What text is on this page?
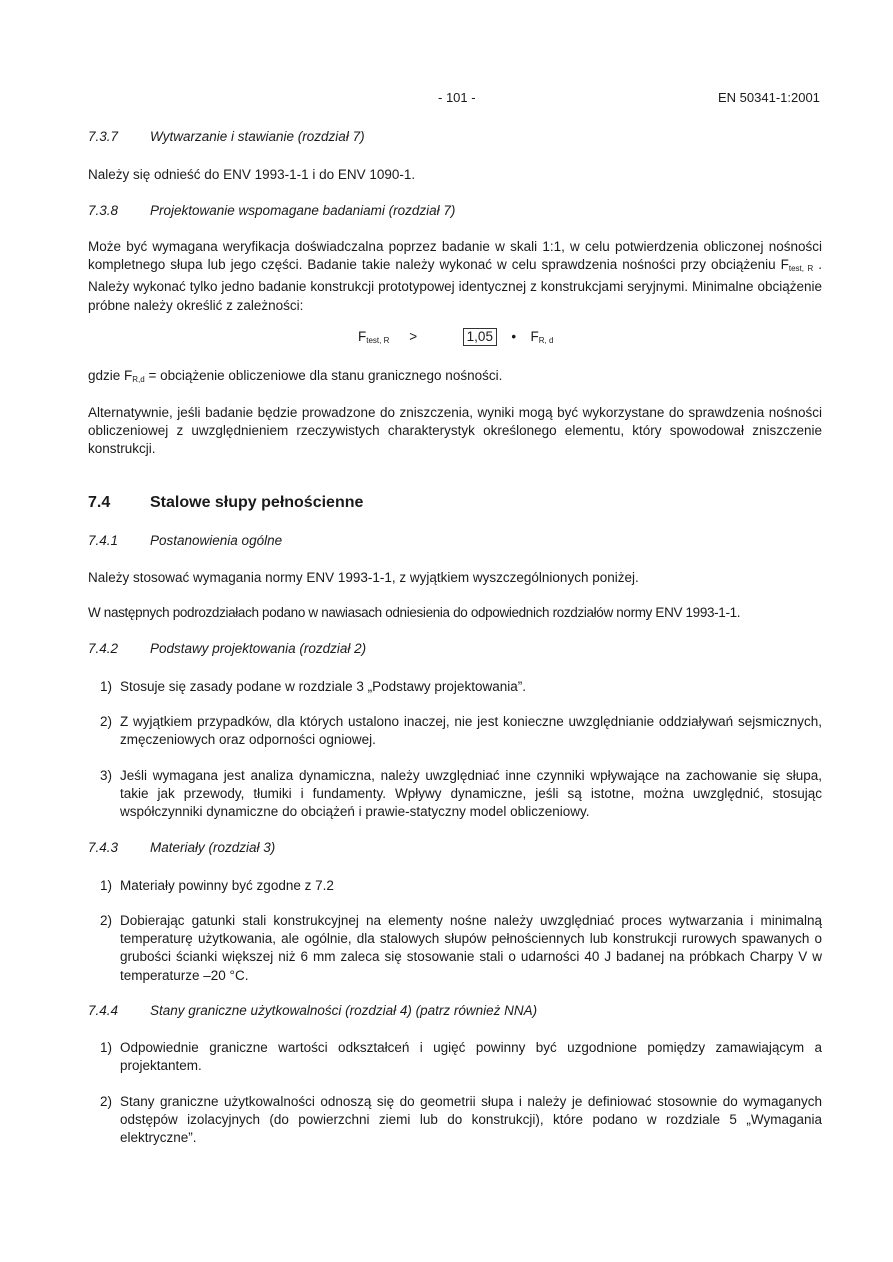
- 101 -	EN 50341-1:2001
7.3.7 Wytwarzanie i stawianie (rozdział 7)

Należy się odnieść do ENV 1993-1-1 i do ENV 1090-1.

7.3.8 Projektowanie wspomagane badaniami (rozdział 7)

Może być wymagana weryfikacja doświadczalna poprzez badanie w skali 1:1, w celu potwierdzenia obliczonej nośności kompletnego słupa lub jego części. Badanie takie należy wykonać w celu sprawdzenia nośności przy obciążeniu $F_{test, R}$ . Należy wykonać tylko jedno badanie konstrukcji prototypowej identycznej z konstrukcjami seryjnymi. Minimalne obciążenie próbne należy określić z zależności:

$F_{test, R}$ >	1,05 • $F_{R, d}$

gdzie $F_{R,d}$ = obciążenie obliczeniowe dla stanu granicznego nośności.

Alternatywnie, jeśli badanie będzie prowadzone do zniszczenia, wyniki mogą być wykorzystane do sprawdzenia nośności obliczeniowej z uwzględnieniem rzeczywistych charakterystyk określonego elementu, który spowodował zniszczenie konstrukcji.

7.4 Stalowe słupy pełnościenne
7.4.1 Postanowienia ogólne

Należy stosować wymagania normy ENV 1993-1-1, z wyjątkiem wyszczególnionych poniżej.

W następnych podrozdziałach podano w nawiasach odniesienia do odpowiednich rozdziałów normy ENV 1993-1-1.

7.4.2 Podstawy projektowania (rozdział 2)
1) Stosuje się zasady podane w rozdziale 3 „Podstawy projektowania”.
2) Z wyjątkiem przypadków, dla których ustalono inaczej, nie jest konieczne uwzględnianie oddziaływań sejsmicznych, zmęczeniowych oraz odporności ogniowej.
3) Jeśli wymagana jest analiza dynamiczna, należy uwzględniać inne czynniki wpływające na zachowanie się słupa, takie jak przewody, tłumiki i fundamenty. Wpływy dynamiczne, jeśli są istotne, można uwzględnić, stosując współczynniki dynamiczne do obciążeń i prawie-statyczny model obliczeniowy.
7.4.3 Materiały (rozdział 3)
1) Materiały powinny być zgodne z 7.2
2) Dobierając gatunki stali konstrukcyjnej na elementy nośne należy uwzględniać proces wytwarzania i minimalną temperaturę użytkowania, ale ogólnie, dla stalowych słupów pełnościennych lub konstrukcji rurowych spawanych o grubości ścianki większej niż 6 mm zaleca się stosowanie stali o udarności 40 J badanej na próbkach Charpy V w temperaturze –20 °C.
7.4.4 Stany graniczne użytkowalności (rozdział 4) (patrz również NNA)
1) Odpowiednie graniczne wartości odkształceń i ugięć powinny być uzgodnione pomiędzy zamawiającym a projektantem.
2) Stany graniczne użytkowalności odnoszą się do geometrii słupa i należy je definiować stosownie do wymaganych odstępów izolacyjnych (do powierzchni ziemi lub do konstrukcji), które podano w rozdziale 5 „Wymagania elektryczne”.
